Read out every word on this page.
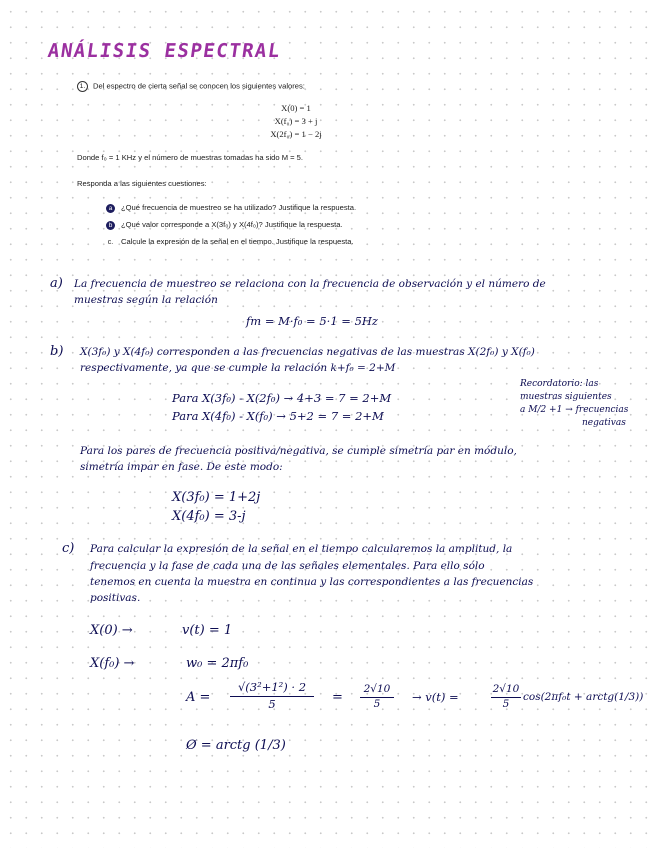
ANÁLISIS ESPECTRAL
1. Del espectro de cierta señal se conocen los siguientes valores:
X(0) = 1
X(f₀) = 3 + j
X(2f₀) = 1 − 2j
Donde f₀ = 1 KHz y el número de muestras tomadas ha sido M = 5.
Responda a las siguientes cuestiones:
a ¿Qué frecuencia de muestreo se ha utilizado? Justifique la respuesta.
b ¿Qué valor corresponde a X(3f₀) y X(4f₀)? Justifique la respuesta.
c. Calcule la expresión de la señal en el tiempo. Justifique la respuesta.
a) La frecuencia de muestreo se relaciona con la frecuencia de observación y el número de
muestras según la relación
fm = M·f₀ = 5·1 = 5Hz
b) X(3f₀) y X(4f₀) corresponden a las frecuencias negativas de las muestras X(2f₀) y X(f₀)
respectivamente, ya que se cumple la relación k+f₀ = 2+M
Para X(3f₀) - X(2f₀) → 4+3 = 7 = 2+M
Para X(4f₀) - X(f₀) → 5+2 = 7 = 2+M
Recordatorio: las
muestras siguientes
a M/2 +1 → frecuencias
negativas
Para los pares de frecuencia positiva/negativa, se cumple simetría par en módulo,
simetría impar en fase. De este modo:
X(3f₀) = 1+2j
X(4f₀) = 3-j
c) Para calcular la expresión de la señal en el tiempo calcularemos la amplitud, la
frecuencia y la fase de cada una de las señales elementales. Para ello sólo
tenemos en cuenta la muestra en continua y las correspondientes a las frecuencias
positivas.
X(0) →	v(t) = 1
X(f₀) →	w₀ = 2πf₀
$A = \frac{\text{√(3²+1²) · 2}}{5} = \frac{2√10}{5} \to v(t)$ =	$\frac{2√10}{5} \cos(2\pi f_0t$ + arctg(1/3))
Ø = arctg (1/3)
